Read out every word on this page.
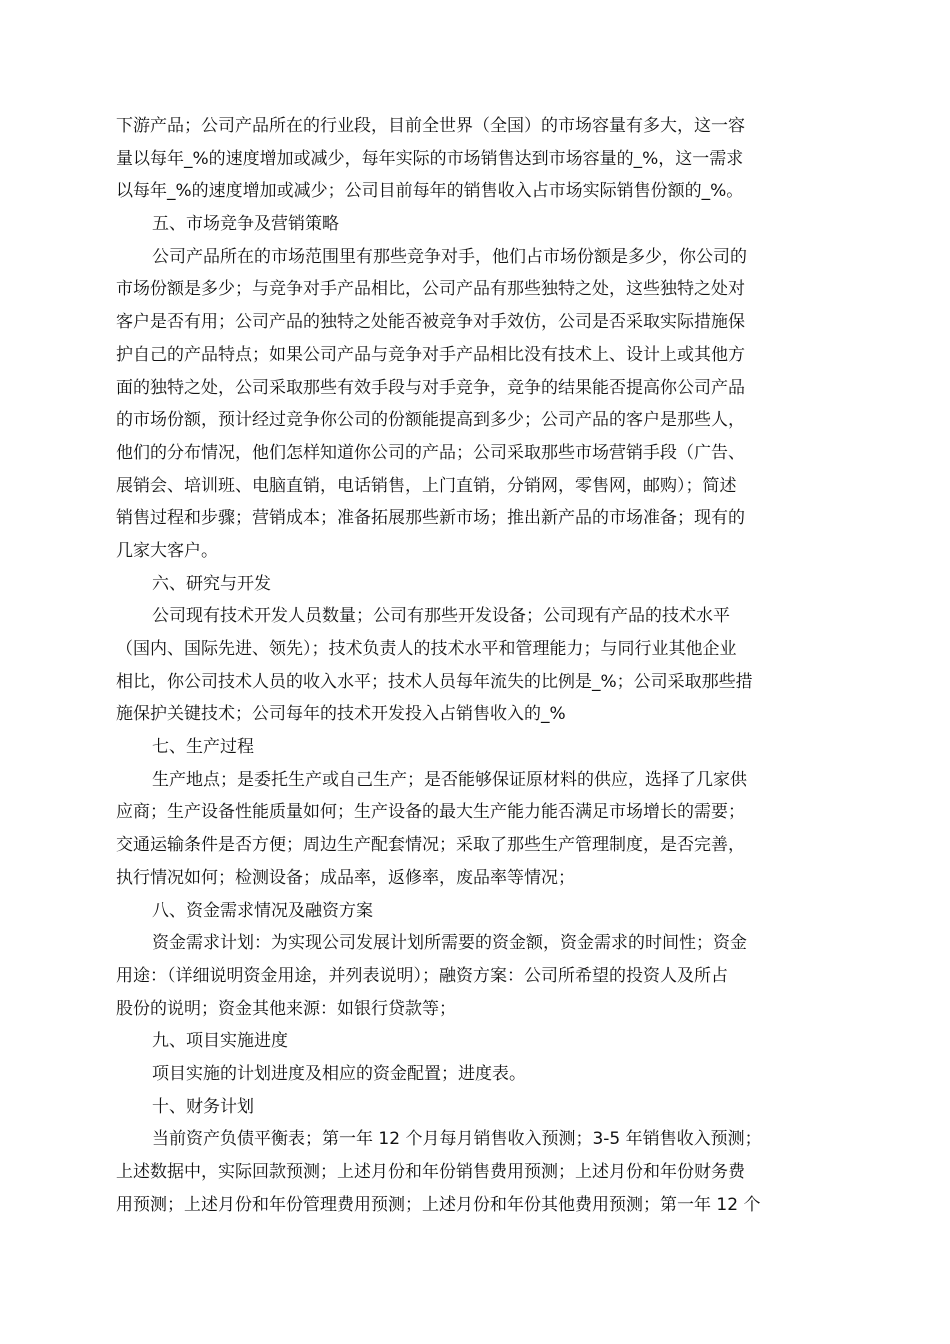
下游产品；公司产品所在的行业段，目前全世界（全国）的市场容量有多大，这一容
量以每年_%的速度增加或减少，每年实际的市场销售达到市场容量的_%，这一需求
以每年_%的速度增加或减少；公司目前每年的销售收入占市场实际销售份额的_%。
五、市场竞争及营销策略
公司产品所在的市场范围里有那些竞争对手，他们占市场份额是多少，你公司的
市场份额是多少；与竞争对手产品相比，公司产品有那些独特之处，这些独特之处对
客户是否有用；公司产品的独特之处能否被竞争对手效仿，公司是否采取实际措施保
护自己的产品特点；如果公司产品与竞争对手产品相比没有技术上、设计上或其他方
面的独特之处，公司采取那些有效手段与对手竞争，竞争的结果能否提高你公司产品
的市场份额，预计经过竞争你公司的份额能提高到多少；公司产品的客户是那些人，
他们的分布情况，他们怎样知道你公司的产品；公司采取那些市场营销手段（广告、
展销会、培训班、电脑直销，电话销售，上门直销，分销网，零售网，邮购）；简述
销售过程和步骤；营销成本；准备拓展那些新市场；推出新产品的市场准备；现有的
几家大客户。
六、研究与开发
公司现有技术开发人员数量；公司有那些开发设备；公司现有产品的技术水平
（国内、国际先进、领先）；技术负责人的技术水平和管理能力；与同行业其他企业
相比，你公司技术人员的收入水平；技术人员每年流失的比例是_%；公司采取那些措
施保护关键技术；公司每年的技术开发投入占销售收入的_%
七、生产过程
生产地点；是委托生产或自己生产；是否能够保证原材料的供应，选择了几家供
应商；生产设备性能质量如何；生产设备的最大生产能力能否满足市场增长的需要；
交通运输条件是否方便；周边生产配套情况；采取了那些生产管理制度，是否完善，
执行情况如何；检测设备；成品率，返修率，废品率等情况；
八、资金需求情况及融资方案
资金需求计划：为实现公司发展计划所需要的资金额，资金需求的时间性；资金
用途：（详细说明资金用途，并列表说明）；融资方案：公司所希望的投资人及所占
股份的说明；资金其他来源：如银行贷款等；
九、项目实施进度
项目实施的计划进度及相应的资金配置；进度表。
十、财务计划
当前资产负债平衡表；第一年 12 个月每月销售收入预测；3-5 年销售收入预测；
上述数据中，实际回款预测；上述月份和年份销售费用预测；上述月份和年份财务费
用预测；上述月份和年份管理费用预测；上述月份和年份其他费用预测；第一年 12 个
